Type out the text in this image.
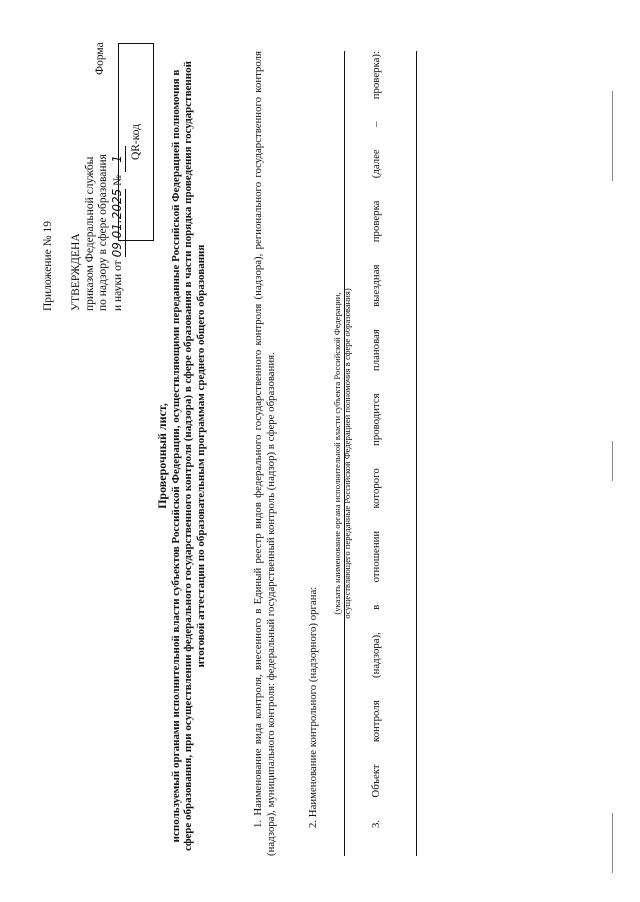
Приложение № 19 УТВЕРЖДЕНА приказом Федеральной службы по надзору в сфере образования и науки от 09.01.2025 № 1
Форма
QR-код
Проверочный лист, используемый органами исполнительной власти субъектов Российской Федерации, осуществляющими переданные Российской Федерацией полномочия в сфере образования, при осуществлении федерального государственного контроля (надзора) в сфере образования в части порядка проведения государственной итоговой аттестации по образовательным программам среднего общего образования	1. Наименование вида контроля, внесенного в Единый реестр видов федерального государственного контроля (надзора), регионального государственного контроля (надзора), муниципального контроля: федеральный государственный контроль (надзор) в сфере образования.	2. Наименование контрольного (надзорного) органа:
(указать наименование органа исполнительной власти субъекта Российской Федерации, осуществляющего переданные Российской Федерацией полномочия в сфере образования) 3. Объект контроля (надзора), в отношении которого проводится плановая выездная проверка (далее – проверка):
